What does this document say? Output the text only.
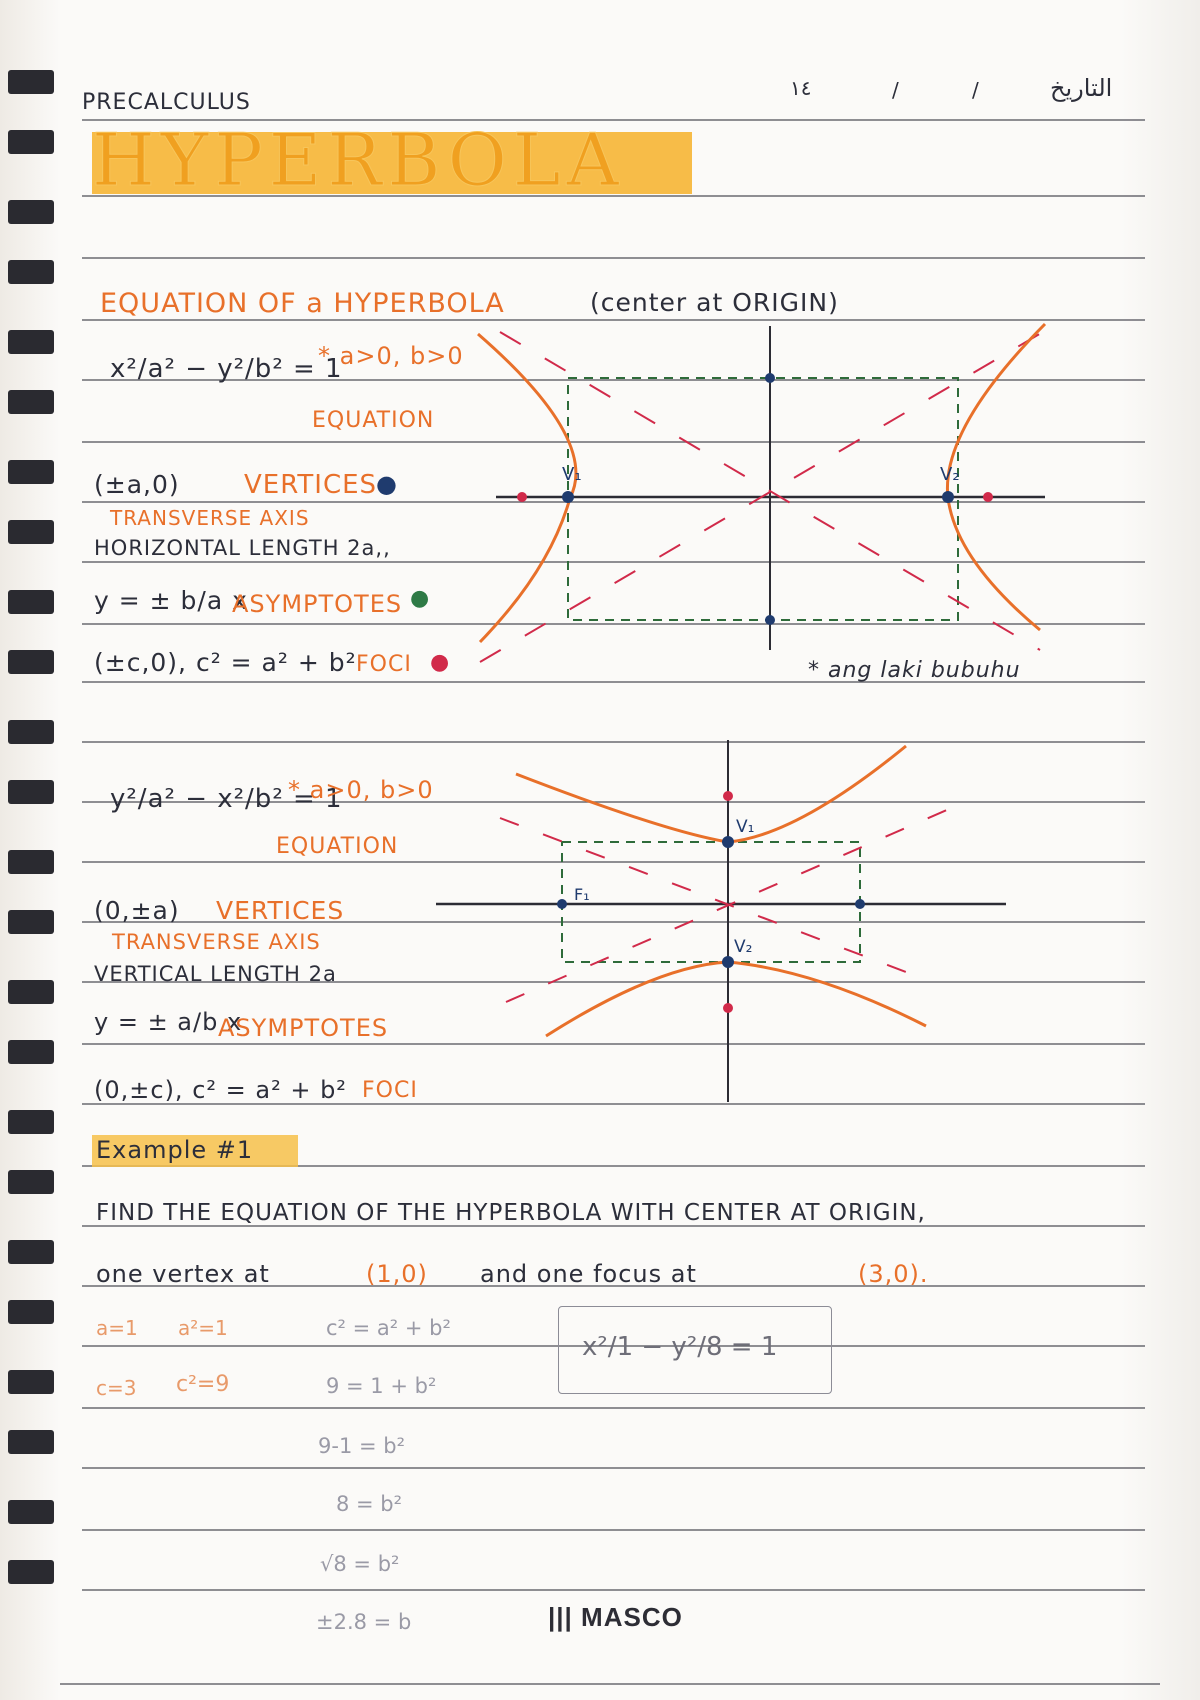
PRECALCULUS
١٤	/	/	التاريخ
HYPERBOLA
EQUATION OF a HYPERBOLA	(center at ORIGIN)
x²/a² − y²/b² = 1
* a>0, b>0
EQUATION
(±a,0) VERTICES
●
TRANSVERSE AXIS
HORIZONTAL LENGTH 2a,,
y = ± b/a x
ASYMPTOTES ●
(±c,0), c² = a² + b² FOCI ●	* ang laki bubuhu
V₁	V₂
y²/a² − x²/b² = 1
* a>0, b>0
EQUATION
(0,±a) VERTICES
TRANSVERSE AXIS
VERTICAL LENGTH 2a
y = ± a/b x
ASYMPTOTES
(0,±c), c² = a² + b² FOCI
V₁
V₂
F₁
Example #1
FIND THE EQUATION OF THE HYPERBOLA WITH CENTER AT ORIGIN,
one vertex at	(1,0) and one focus at	(3,0).
a=1 a²=1
c=3 c²=9
c² = a² + b²
9 = 1 + b²
9-1 = b²
8 = b²
√8 = b²
±2.8 = b
x²/1 − y²/8 = 1
||| MASCO
